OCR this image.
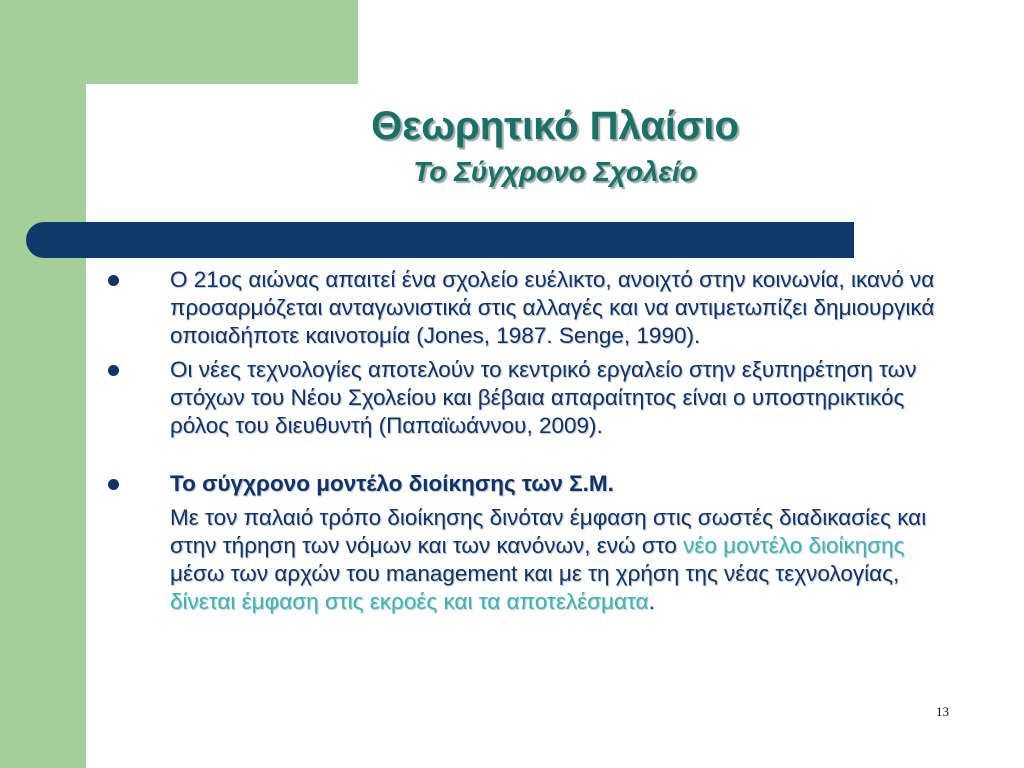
Θεωρητικό Πλαίσιο
Το Σύγχρονο Σχολείο
Ο 21ος αιώνας απαιτεί ένα σχολείο ευέλικτο, ανοιχτό στην κοινωνία, ικανό να προσαρμόζεται ανταγωνιστικά στις αλλαγές και να αντιμετωπίζει δημιουργικά οποιαδήποτε καινοτομία (Jones, 1987. Senge, 1990).
Οι νέες τεχνολογίες αποτελούν το κεντρικό εργαλείο στην εξυπηρέτηση των στόχων του Νέου Σχολείου και βέβαια απαραίτητος είναι ο υποστηρικτικός ρόλος του διευθυντή (Παπαϊωάννου, 2009).
Το σύγχρονο μοντέλο διοίκησης των Σ.Μ.

Με τον παλαιό τρόπο διοίκησης δινόταν έμφαση στις σωστές διαδικασίες και στην τήρηση των νόμων και των κανόνων, ενώ στο νέο μοντέλο διοίκησης μέσω των αρχών του management και με τη χρήση της νέας τεχνολογίας, δίνεται έμφαση στις εκροές και τα αποτελέσματα.

13
